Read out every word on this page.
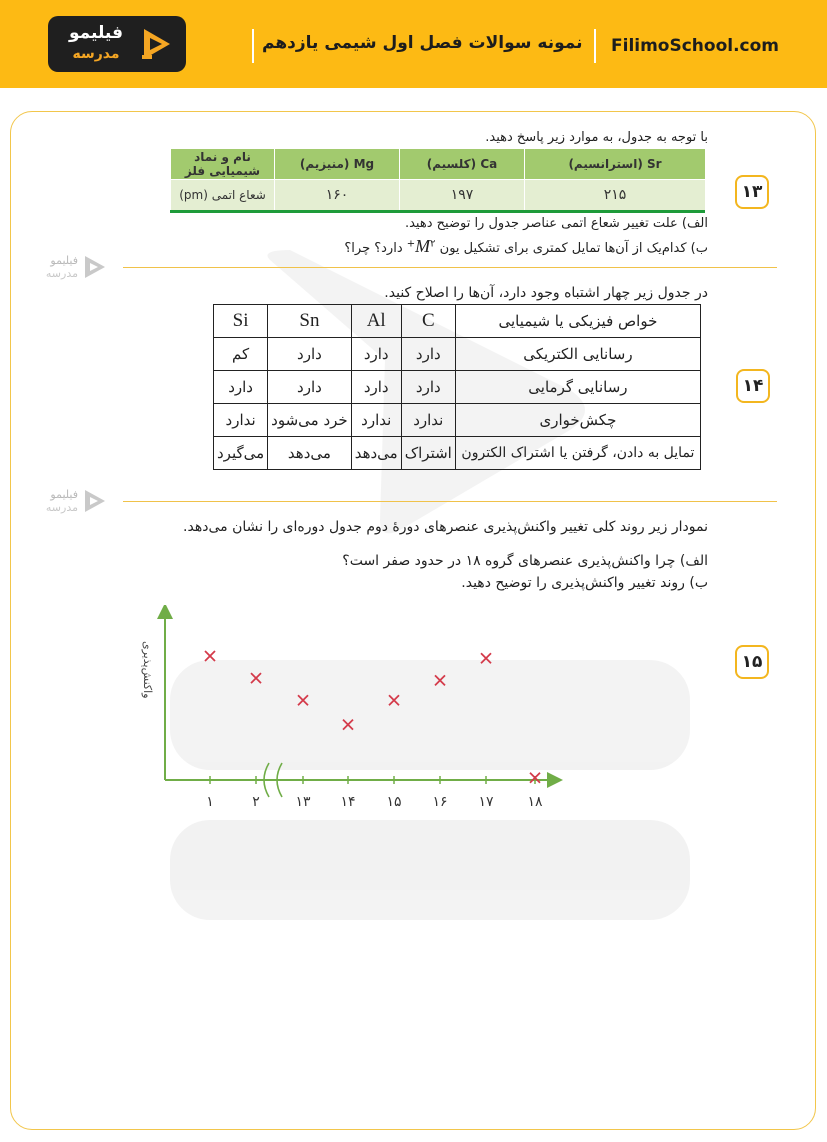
فیلیمو
مدرسه
نمونه سوالات فصل اول شیمی یازدهم FilimoSchool.com
فیلیمو
مدرسه
فیلیمو
مدرسه
۱۳
با توجه به جدول، به موارد زیر پاسخ دهید.
Sr (استرانسیم)	Ca (کلسیم)	Mg (منیزیم)	نام و نماد شیمیایی فلز
۲۱۵	۱۹۷	۱۶۰	شعاع اتمی (pm)
الف) علت تغییر شعاع اتمی عناصر جدول را توضیح دهید.
ب) کدام‌یک از آن‌ها تمایل کمتری برای تشکیل یون $M^{۲+}$ دارد؟ چرا؟
۱۴
در جدول زیر چهار اشتباه وجود دارد، آن‌ها را اصلاح کنید.
خواص فیزیکی یا شیمیایی	C	Al	Sn	Si
رسانایی الکتریکی	دارد	دارد	دارد	کم
رسانایی گرمایی	دارد	دارد	دارد	دارد
چکش‌خواری	ندارد	ندارد	خرد می‌شود	ندارد
تمایل به دادن، گرفتن یا اشتراک الکترون	اشتراک	می‌دهد	می‌دهد	می‌گیرد
۱۵
نمودار زیر روند کلی تغییر واکنش‌پذیری عنصرهای دورهٔ دوم جدول دوره‌ای را نشان می‌دهد.
الف) چرا واکنش‌پذیری عنصرهای گروه ۱۸ در حدود صفر است؟
ب) روند تغییر واکنش‌پذیری را توضیح دهید.
واکنش‌پذیری
۱	۲	۱۳ ۱۴ ۱۵ ۱۶ ۱۷ ۱۸
